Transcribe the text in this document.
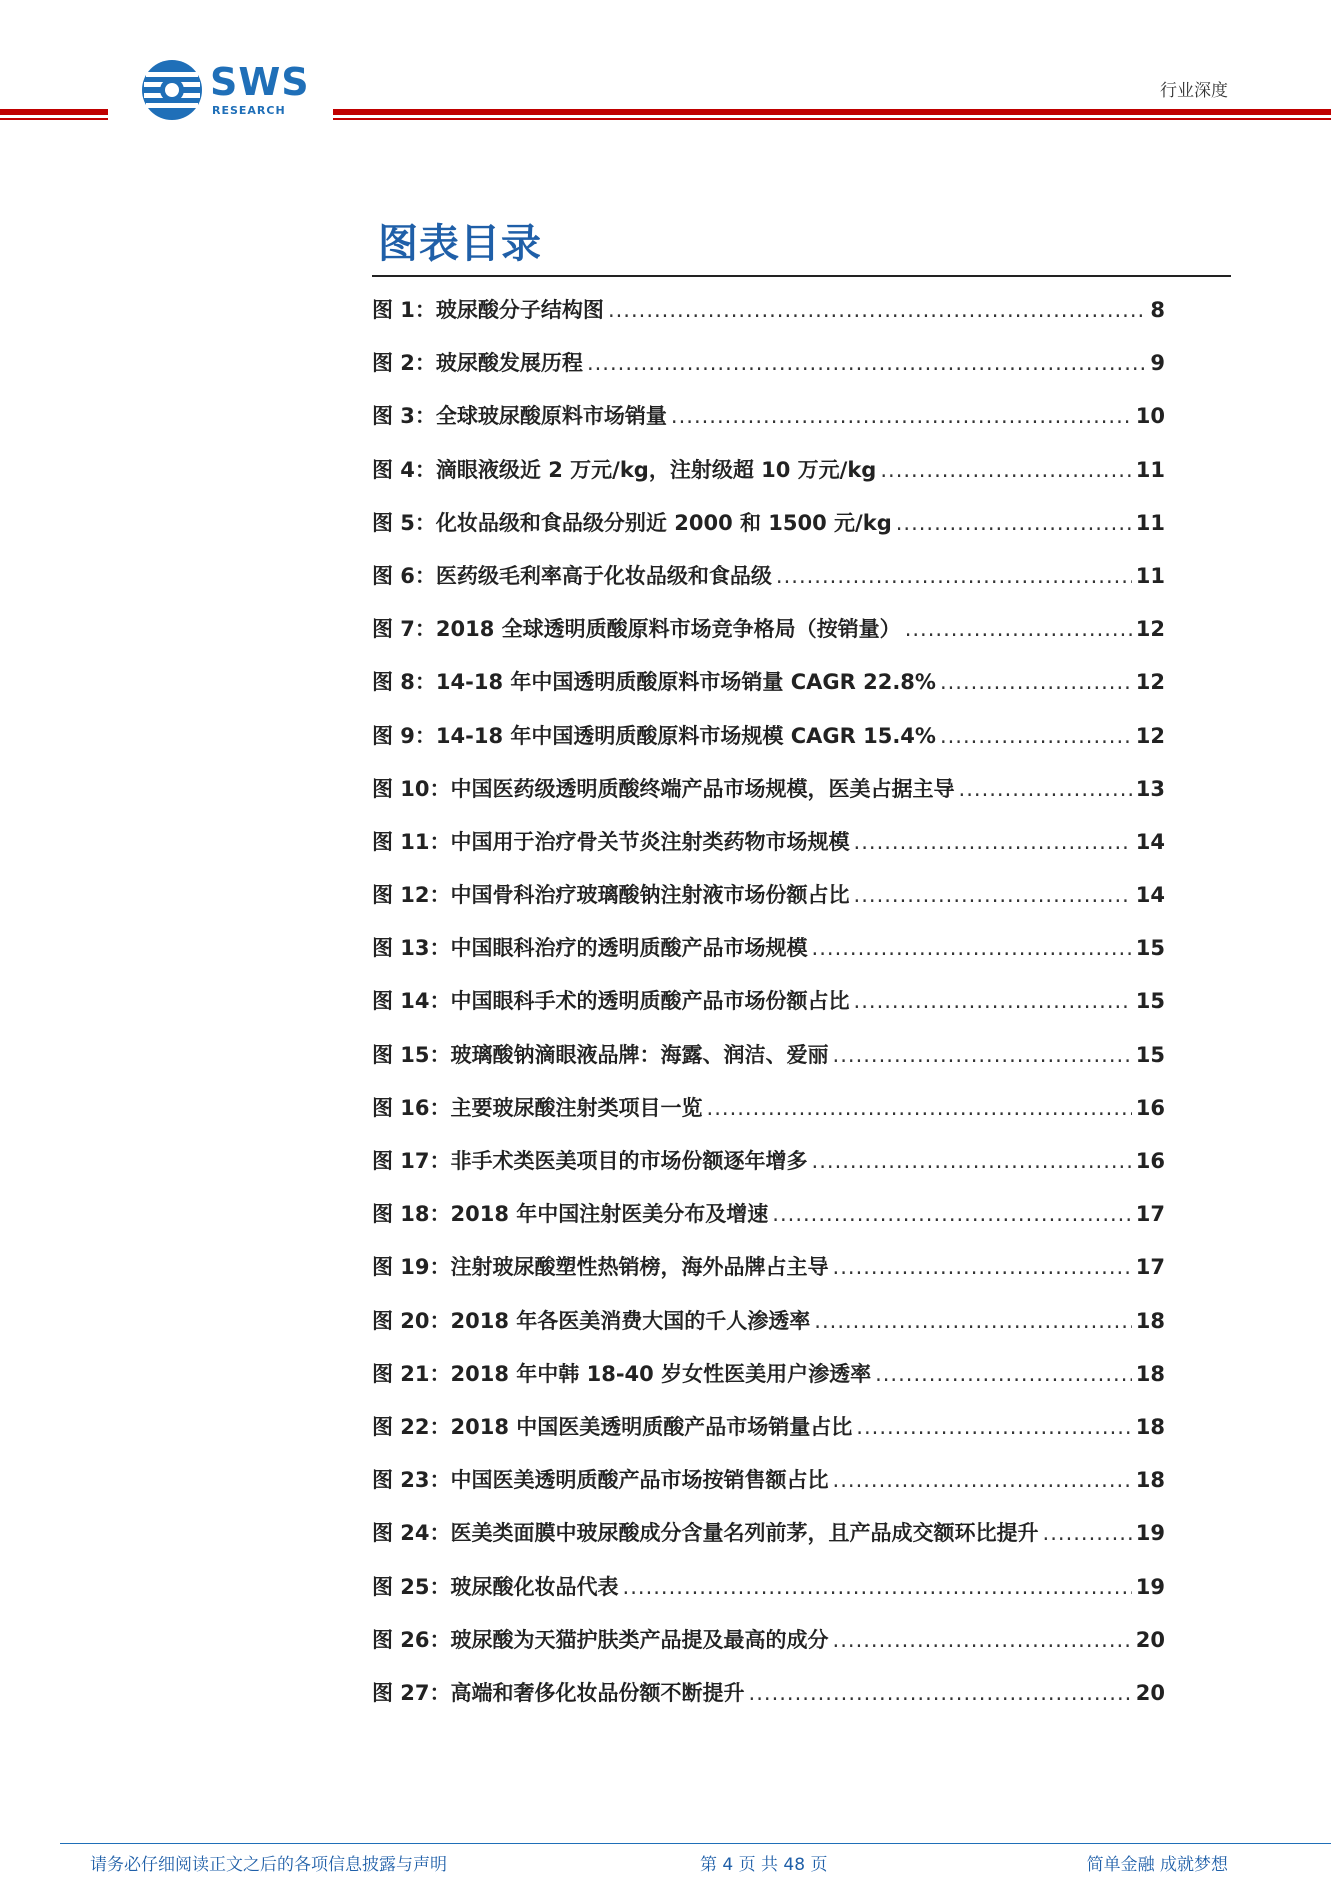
SWS
RESEARCH
行业深度
图表目录
图 1：玻尿酸分子结构图 .....	8
图 2：玻尿酸发展历程 .....	9
图 3：全球玻尿酸原料市场销量 .....	10
图 4：滴眼液级近 2 万元/kg，注射级超 10 万元/kg .....	11
图 5：化妆品级和食品级分别近 2000 和 1500 元/kg .....	11
图 6：医药级毛利率高于化妆品级和食品级 .....	11
图 7：2018 全球透明质酸原料市场竞争格局（按销量） .....	12
图 8：14-18 年中国透明质酸原料市场销量 CAGR 22.8% .....	12
图 9：14-18 年中国透明质酸原料市场规模 CAGR 15.4% .....	12
图 10：中国医药级透明质酸终端产品市场规模，医美占据主导 .....	13
图 11：中国用于治疗骨关节炎注射类药物市场规模 .....	14
图 12：中国骨科治疗玻璃酸钠注射液市场份额占比 .....	14
图 13：中国眼科治疗的透明质酸产品市场规模 .....	15
图 14：中国眼科手术的透明质酸产品市场份额占比 .....	15
图 15：玻璃酸钠滴眼液品牌：海露、润洁、爱丽 .....	15
图 16：主要玻尿酸注射类项目一览 .....	16
图 17：非手术类医美项目的市场份额逐年增多 .....	16
图 18：2018 年中国注射医美分布及增速 .....	17
图 19：注射玻尿酸塑性热销榜，海外品牌占主导 .....	17
图 20：2018 年各医美消费大国的千人渗透率 .....	18
图 21：2018 年中韩 18-40 岁女性医美用户渗透率 .....	18
图 22：2018 中国医美透明质酸产品市场销量占比 .....	18
图 23：中国医美透明质酸产品市场按销售额占比 .....	18
图 24：医美类面膜中玻尿酸成分含量名列前茅，且产品成交额环比提升 .....	19
图 25：玻尿酸化妆品代表 .....	19
图 26：玻尿酸为天猫护肤类产品提及最高的成分 .....	20
图 27：高端和奢侈化妆品份额不断提升 .....	20
请务必仔细阅读正文之后的各项信息披露与声明	第 4 页 共 48 页	简单金融 成就梦想
